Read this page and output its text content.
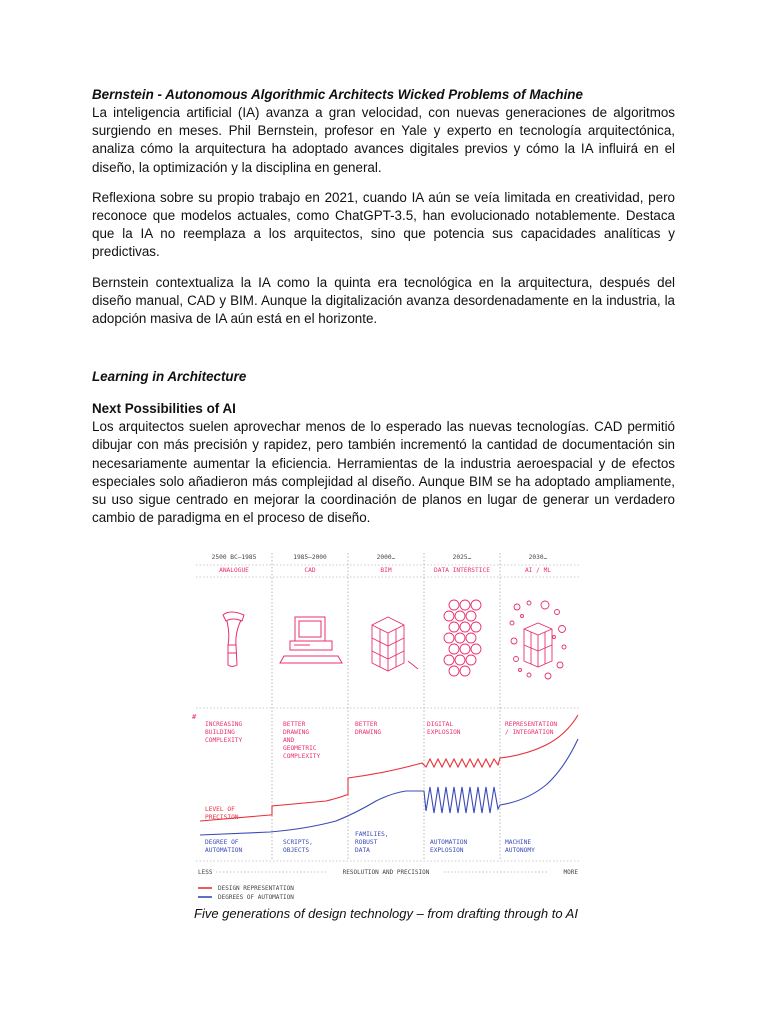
Bernstein - Autonomous Algorithmic Architects Wicked Problems of Machine

La inteligencia artificial (IA) avanza a gran velocidad, con nuevas generaciones de algoritmos surgiendo en meses. Phil Bernstein, profesor en Yale y experto en tecnología arquitectónica, analiza cómo la arquitectura ha adoptado avances digitales previos y cómo la IA influirá en el diseño, la optimización y la disciplina en general.

Reflexiona sobre su propio trabajo en 2021, cuando IA aún se veía limitada en creatividad, pero reconoce que modelos actuales, como ChatGPT-3.5, han evolucionado notablemente. Destaca que la IA no reemplaza a los arquitectos, sino que potencia sus capacidades analíticas y predictivas.

Bernstein contextualiza la IA como la quinta era tecnológica en la arquitectura, después del diseño manual, CAD y BIM. Aunque la digitalización avanza desordenadamente en la industria, la adopción masiva de IA aún está en el horizonte.

Learning in Architecture
Next Possibilities of AI

Los arquitectos suelen aprovechar menos de lo esperado las nuevas tecnologías. CAD permitió dibujar con más precisión y rapidez, pero también incrementó la cantidad de documentación sin necesariamente aumentar la eficiencia. Herramientas de la industria aeroespacial y de efectos especiales solo añadieron más complejidad al diseño. Aunque BIM se ha adoptado ampliamente, su uso sigue centrado en mejorar la coordinación de planos en lugar de generar un verdadero cambio de paradigma en el proceso de diseño.

#
2500 BC–1985
ANALOGUE
1985–2000
CAD
2000…
BIM
2025…
DATA INTERSTICE
2030…
AI / ML
INCREASING
BUILDING
COMPLEXITY
BETTER
DRAWING
AND
GEOMETRIC
COMPLEXITY
BETTER
DRAWING
DIGITAL
EXPLOSION
REPRESENTATION
/ INTEGRATION
LEVEL OF
PRECISION
DEGREE OF
AUTOMATION
SCRIPTS,
OBJECTS
FAMILIES,
ROBUST
DATA
AUTOMATION
EXPLOSION
MACHINE
AUTONOMY
LESS	RESOLUTION AND PRECISION	MORE
DESIGN REPRESENTATION
DEGREES OF AUTOMATION
Five generations of design technology – from drafting through to AI
